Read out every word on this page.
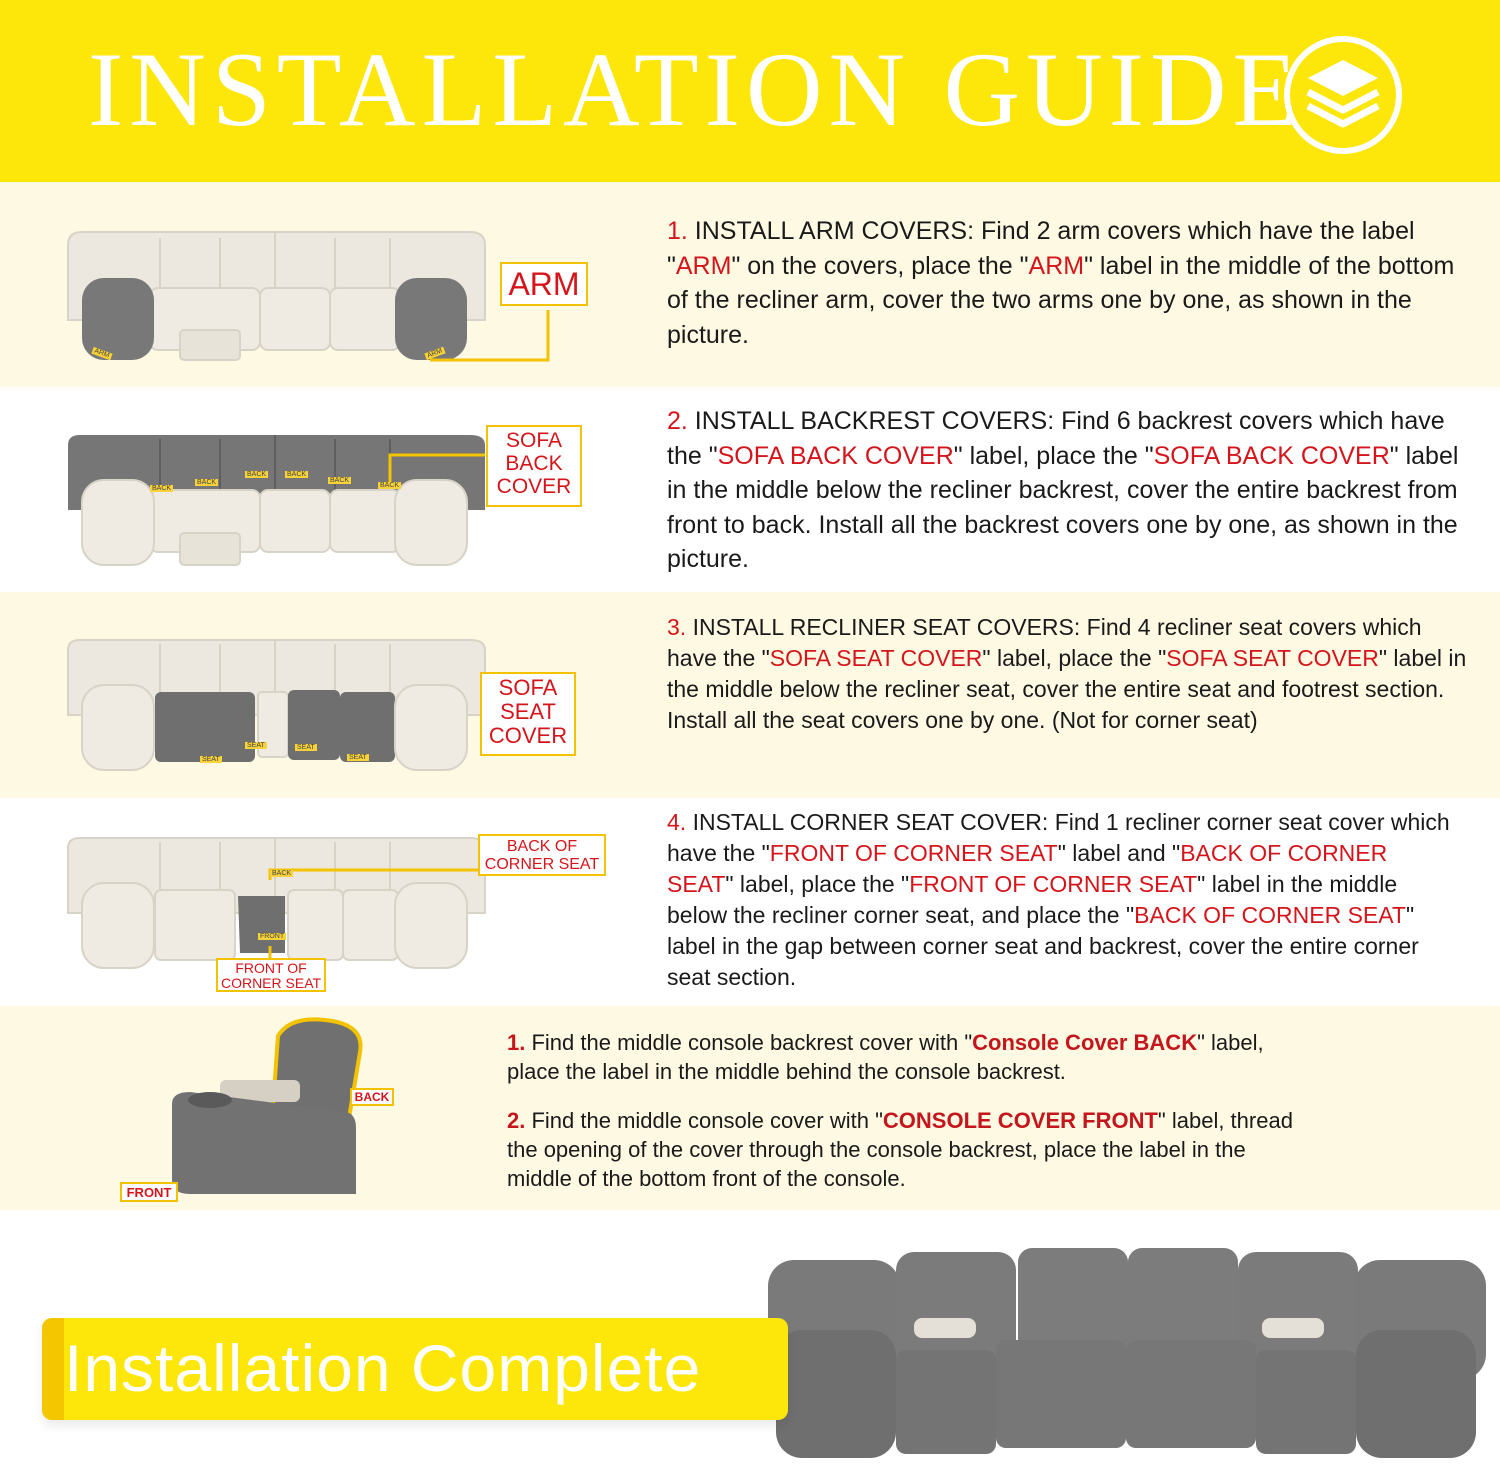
INSTALLATION GUIDE
ARM
ARM	ARM
1. INSTALL ARM COVERS: Find 2 arm covers which have the label "ARM" on the covers, place the "ARM" label in the middle of the bottom of the recliner arm, cover the two arms one by one, as shown in the picture.
SOFA
BACK
COVER
BACK
BACK
BACK	BACK
BACK
BACK
2. INSTALL BACKREST COVERS: Find 6 backrest covers which have the "SOFA BACK COVER" label, place the "SOFA BACK COVER" label in the middle below the recliner backrest, cover the entire backrest from front to back. Install all the backrest covers one by one, as shown in the picture.
SOFA
SEAT
COVER
SEAT
SEAT	SEAT
SEAT
3. INSTALL RECLINER SEAT COVERS: Find 4 recliner seat covers which have the "SOFA SEAT COVER" label, place the "SOFA SEAT COVER" label in the middle below the recliner seat, cover the entire seat and footrest section. Install all the seat covers one by one. (Not for corner seat)
BACK OF
CORNER SEAT
FRONT OF
CORNER SEAT
BACK
FRONT
4. INSTALL CORNER SEAT COVER: Find 1 recliner corner seat cover which have the "FRONT OF CORNER SEAT" label and "BACK OF CORNER SEAT" label, place the "FRONT OF CORNER SEAT" label in the middle below the recliner corner seat, and place the "BACK OF CORNER SEAT" label in the gap between corner seat and backrest, cover the entire corner seat section.
BACK
FRONT
1. Find the middle console backrest cover with "Console Cover BACK" label, place the label in the middle behind the console backrest.
2. Find the middle console cover with "CONSOLE COVER FRONT" label, thread the opening of the cover through the console backrest, place the label in the middle of the bottom front of the console.
Installation Complete
